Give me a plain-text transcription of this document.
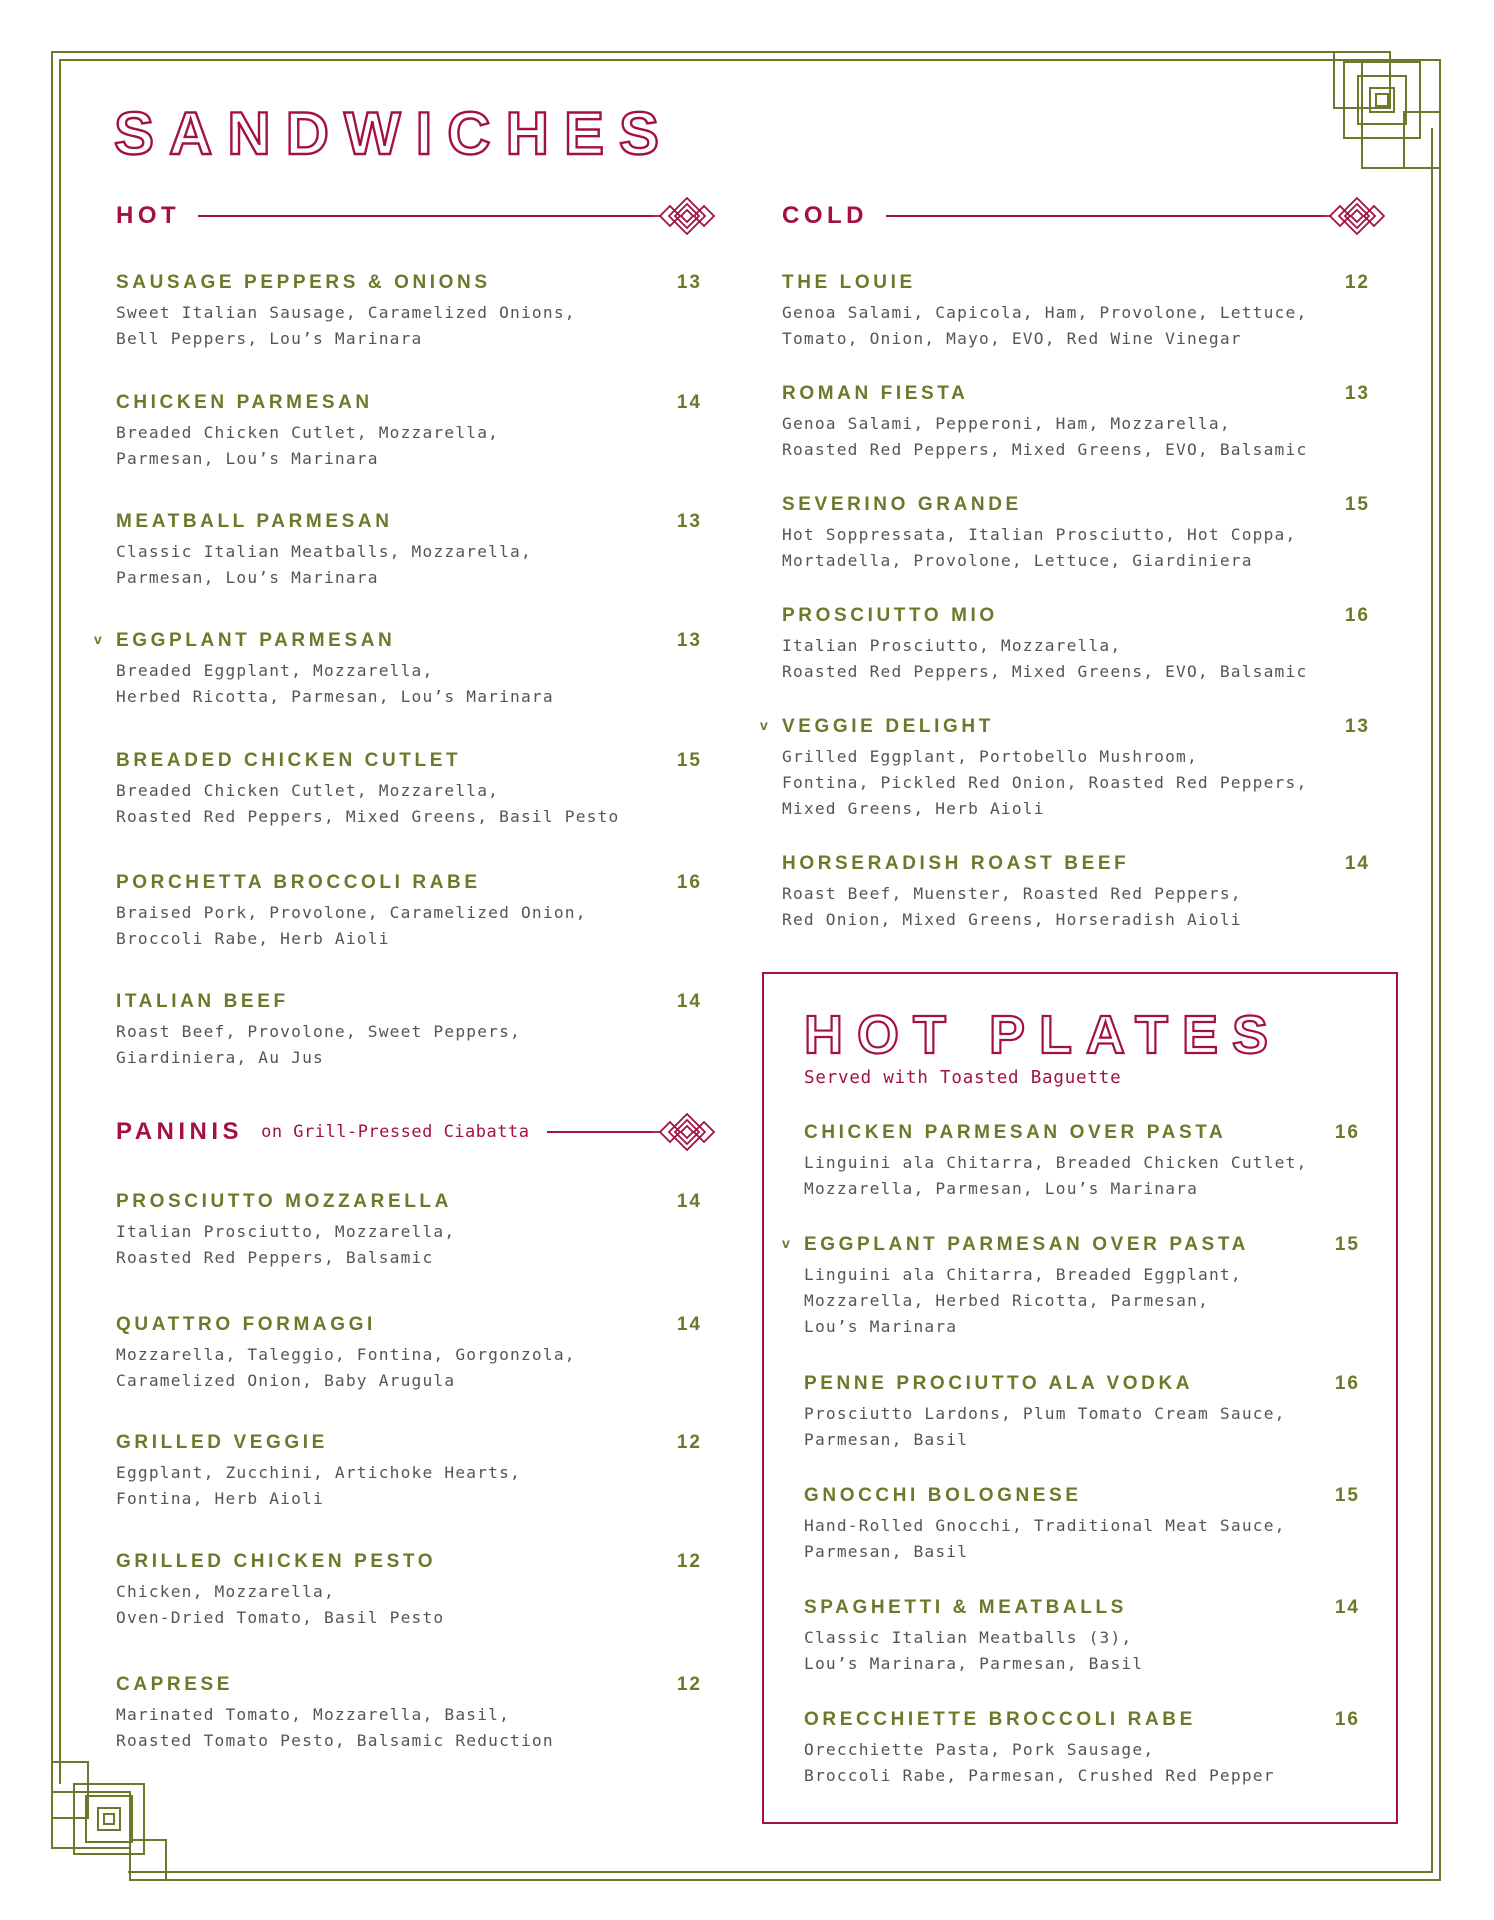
SANDWICHES
HOT	COLD
SAUSAGE PEPPERS & ONIONS	13
Sweet Italian Sausage, Caramelized Onions,
Bell Peppers, Lou’s Marinara
CHICKEN PARMESAN	14
Breaded Chicken Cutlet, Mozzarella,
Parmesan, Lou’s Marinara
MEATBALL PARMESAN	13
Classic Italian Meatballs, Mozzarella,
Parmesan, Lou’s Marinara
v EGGPLANT PARMESAN	13
Breaded Eggplant, Mozzarella,
Herbed Ricotta, Parmesan, Lou’s Marinara
BREADED CHICKEN CUTLET	15
Breaded Chicken Cutlet, Mozzarella,
Roasted Red Peppers, Mixed Greens, Basil Pesto
PORCHETTA BROCCOLI RABE	16
Braised Pork, Provolone, Caramelized Onion,
Broccoli Rabe, Herb Aioli
ITALIAN BEEF	14
Roast Beef, Provolone, Sweet Peppers,
Giardiniera, Au Jus
PANINIS on Grill-Pressed Ciabatta
PROSCIUTTO MOZZARELLA	14
Italian Prosciutto, Mozzarella,
Roasted Red Peppers, Balsamic
QUATTRO FORMAGGI	14
Mozzarella, Taleggio, Fontina, Gorgonzola,
Caramelized Onion, Baby Arugula
GRILLED VEGGIE	12
Eggplant, Zucchini, Artichoke Hearts,
Fontina, Herb Aioli
GRILLED CHICKEN PESTO	12
Chicken, Mozzarella,
Oven-Dried Tomato, Basil Pesto
CAPRESE	12
Marinated Tomato, Mozzarella, Basil,
Roasted Tomato Pesto, Balsamic Reduction
THE LOUIE	12
Genoa Salami, Capicola, Ham, Provolone, Lettuce,
Tomato, Onion, Mayo, EVO, Red Wine Vinegar
ROMAN FIESTA	13
Genoa Salami, Pepperoni, Ham, Mozzarella,
Roasted Red Peppers, Mixed Greens, EVO, Balsamic
SEVERINO GRANDE	15
Hot Soppressata, Italian Prosciutto, Hot Coppa,
Mortadella, Provolone, Lettuce, Giardiniera
PROSCIUTTO MIO	16
Italian Prosciutto, Mozzarella,
Roasted Red Peppers, Mixed Greens, EVO, Balsamic
v VEGGIE DELIGHT	13
Grilled Eggplant, Portobello Mushroom,
Fontina, Pickled Red Onion, Roasted Red Peppers,
Mixed Greens, Herb Aioli
HORSERADISH ROAST BEEF	14
Roast Beef, Muenster, Roasted Red Peppers,
Red Onion, Mixed Greens, Horseradish Aioli
HOT PLATES
Served with Toasted Baguette
CHICKEN PARMESAN OVER PASTA	16
Linguini ala Chitarra, Breaded Chicken Cutlet,
Mozzarella, Parmesan, Lou’s Marinara
v EGGPLANT PARMESAN OVER PASTA	15
Linguini ala Chitarra, Breaded Eggplant,
Mozzarella, Herbed Ricotta, Parmesan,
Lou’s Marinara
PENNE PROCIUTTO ALA VODKA	16
Prosciutto Lardons, Plum Tomato Cream Sauce,
Parmesan, Basil
GNOCCHI BOLOGNESE	15
Hand-Rolled Gnocchi, Traditional Meat Sauce,
Parmesan, Basil
SPAGHETTI & MEATBALLS	14
Classic Italian Meatballs (3),
Lou’s Marinara, Parmesan, Basil
ORECCHIETTE BROCCOLI RABE	16
Orecchiette Pasta, Pork Sausage,
Broccoli Rabe, Parmesan, Crushed Red Pepper
